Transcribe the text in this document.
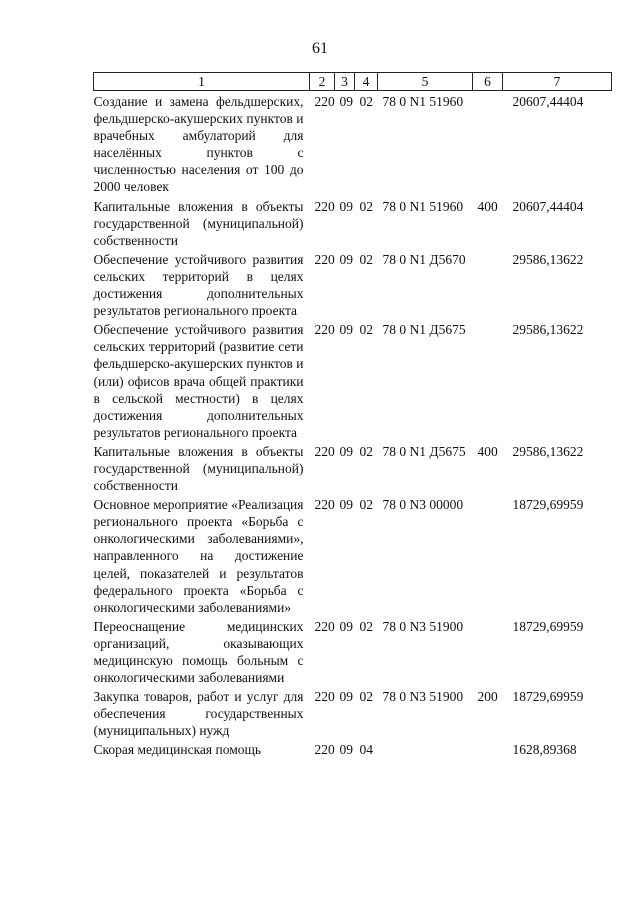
61
1	2	3	4	5	6	7
Создание и замена фельдшерских, фельдшерско-акушерских пунктов и врачебных амбулаторий для населённых пунктов с численностью населения от 100 до 2000 человек	220	09	02	78 0 N1 51960		20607,44404
Капитальные вложения в объекты государственной (муниципальной) собственности	220	09	02	78 0 N1 51960	400	20607,44404
Обеспечение устойчивого развития сельских территорий в целях достижения дополнительных результатов регионального проекта	220	09	02	78 0 N1 Д5670		29586,13622
Обеспечение устойчивого развития сельских территорий (развитие сети фельдшерско-акушерских пунктов и (или) офисов врача общей практики в сельской местности) в целях достижения дополнительных результатов регионального проекта	220	09	02	78 0 N1 Д5675		29586,13622
Капитальные вложения в объекты государственной (муниципальной) собственности	220	09	02	78 0 N1 Д5675	400	29586,13622
Основное мероприятие «Реализация регионального проекта «Борьба с онкологическими заболеваниями», направленного на достижение целей, показателей и результатов федерального проекта «Борьба с онкологическими заболеваниями»	220	09	02	78 0 N3 00000		18729,69959
Переоснащение медицинских организаций, оказывающих медицинскую помощь больным с онкологическими заболеваниями	220	09	02	78 0 N3 51900		18729,69959
Закупка товаров, работ и услуг для обеспечения государственных (муниципальных) нужд	220	09	02	78 0 N3 51900	200	18729,69959
Скорая медицинская помощь	220	09	04			1628,89368
